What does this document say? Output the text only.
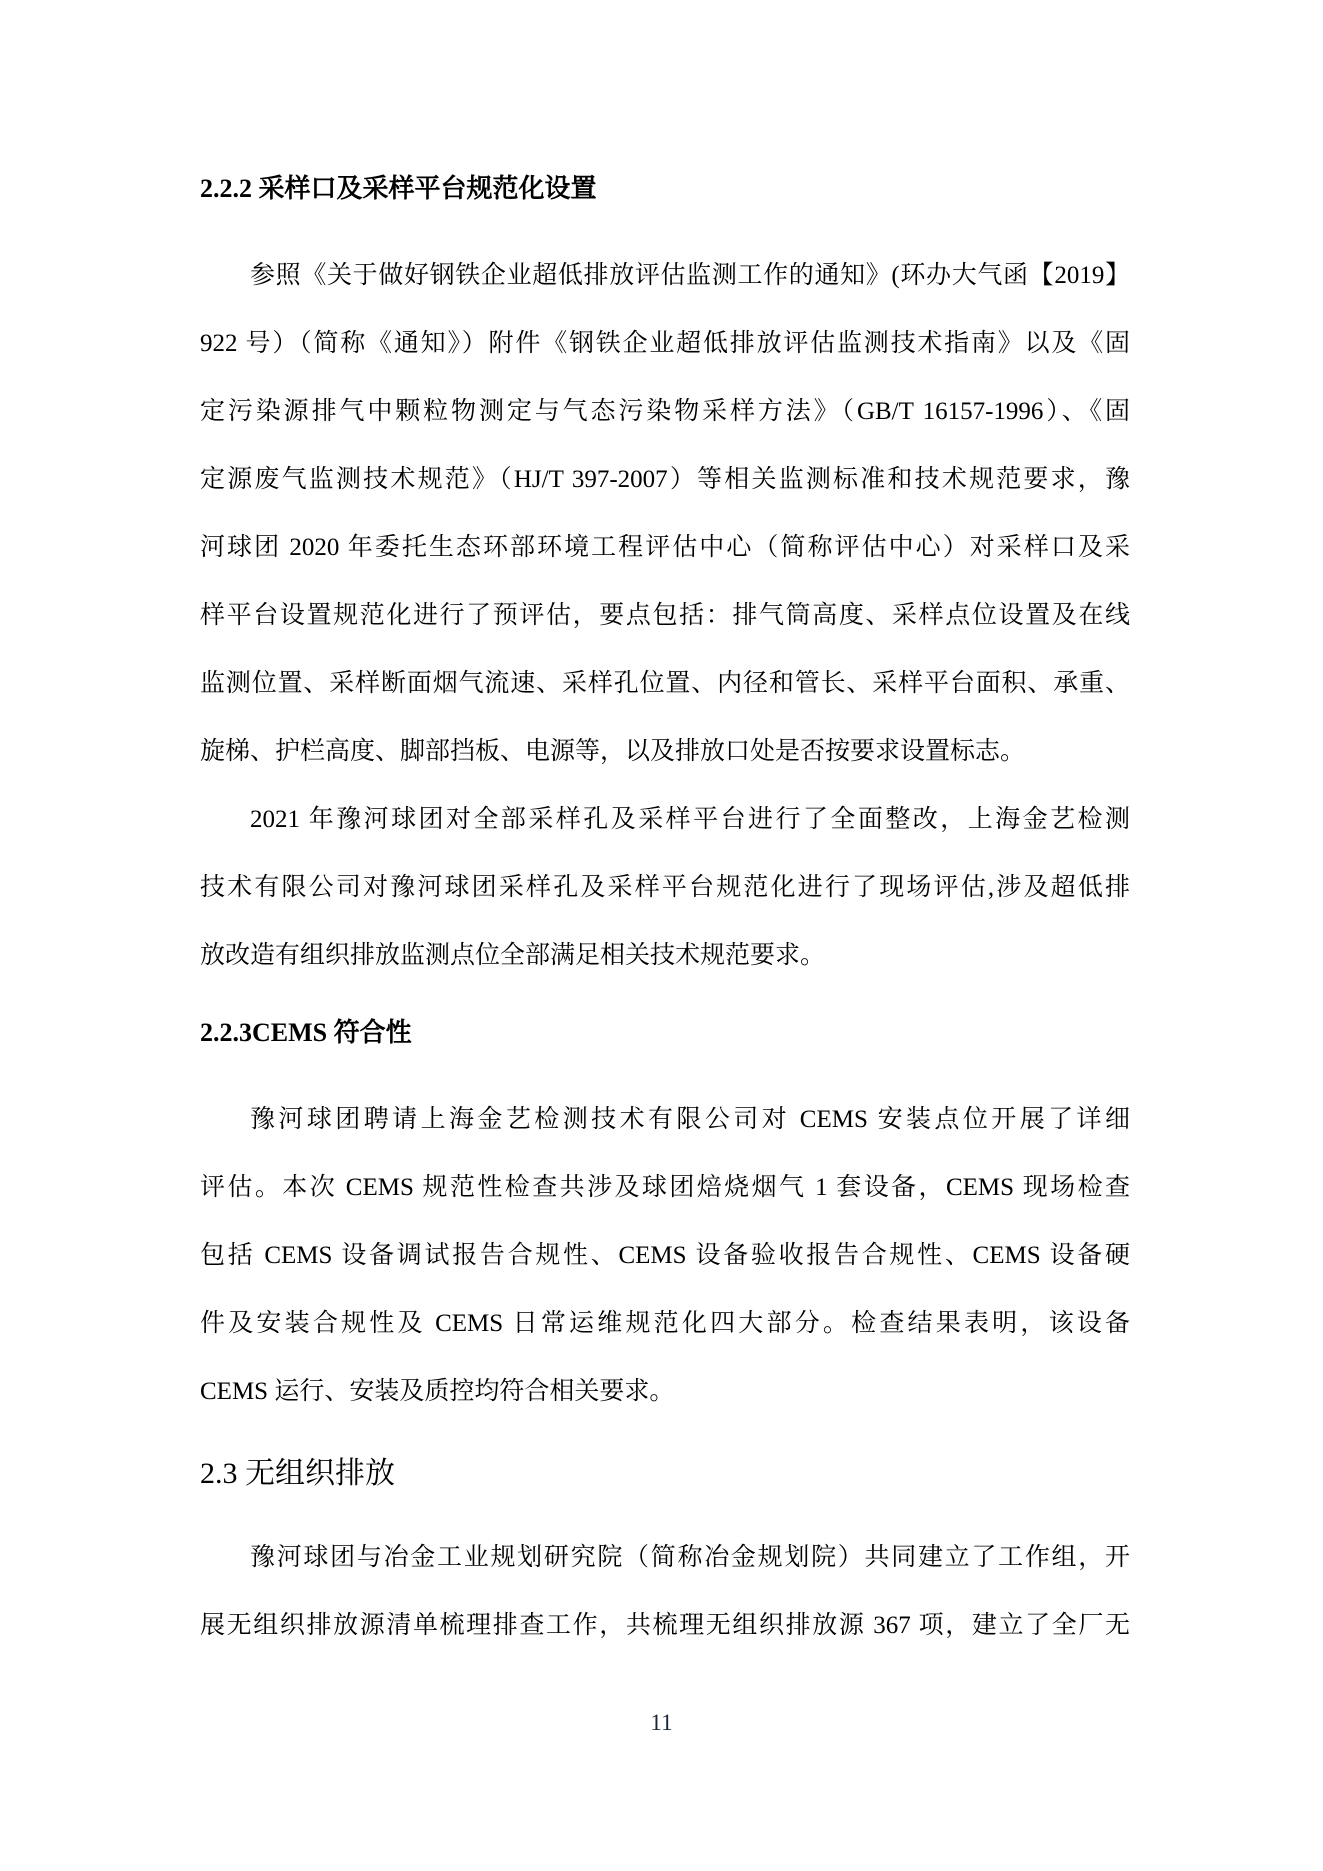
2.2.2 采样口及采样平台规范化设置
参照《关于做好钢铁企业超低排放评估监测工作的通知》(环办大气函【2019】
922 号）（简称《通知》）附件《钢铁企业超低排放评估监测技术指南》以及《固
定污染源排气中颗粒物测定与气态污染物采样方法》（GB/T 16157-1996）、《固
定源废气监测技术规范》（HJ/T 397-2007）等相关监测标准和技术规范要求，豫
河球团 2020 年委托生态环部环境工程评估中心（简称评估中心）对采样口及采
样平台设置规范化进行了预评估，要点包括：排气筒高度、采样点位设置及在线
监测位置、采样断面烟气流速、采样孔位置、内径和管长、采样平台面积、承重、
旋梯、护栏高度、脚部挡板、电源等，以及排放口处是否按要求设置标志。
2021 年豫河球团对全部采样孔及采样平台进行了全面整改，上海金艺检测
技术有限公司对豫河球团采样孔及采样平台规范化进行了现场评估,涉及超低排
放改造有组织排放监测点位全部满足相关技术规范要求。
2.2.3CEMS 符合性
豫河球团聘请上海金艺检测技术有限公司对 CEMS 安装点位开展了详细
评估。本次 CEMS 规范性检查共涉及球团焙烧烟气 1 套设备，CEMS 现场检查
包括 CEMS 设备调试报告合规性、CEMS 设备验收报告合规性、CEMS 设备硬
件及安装合规性及 CEMS 日常运维规范化四大部分。检查结果表明，该设备
CEMS 运行、安装及质控均符合相关要求。
2.3 无组织排放
豫河球团与冶金工业规划研究院（简称冶金规划院）共同建立了工作组，开
展无组织排放源清单梳理排查工作，共梳理无组织排放源 367 项，建立了全厂无
11
